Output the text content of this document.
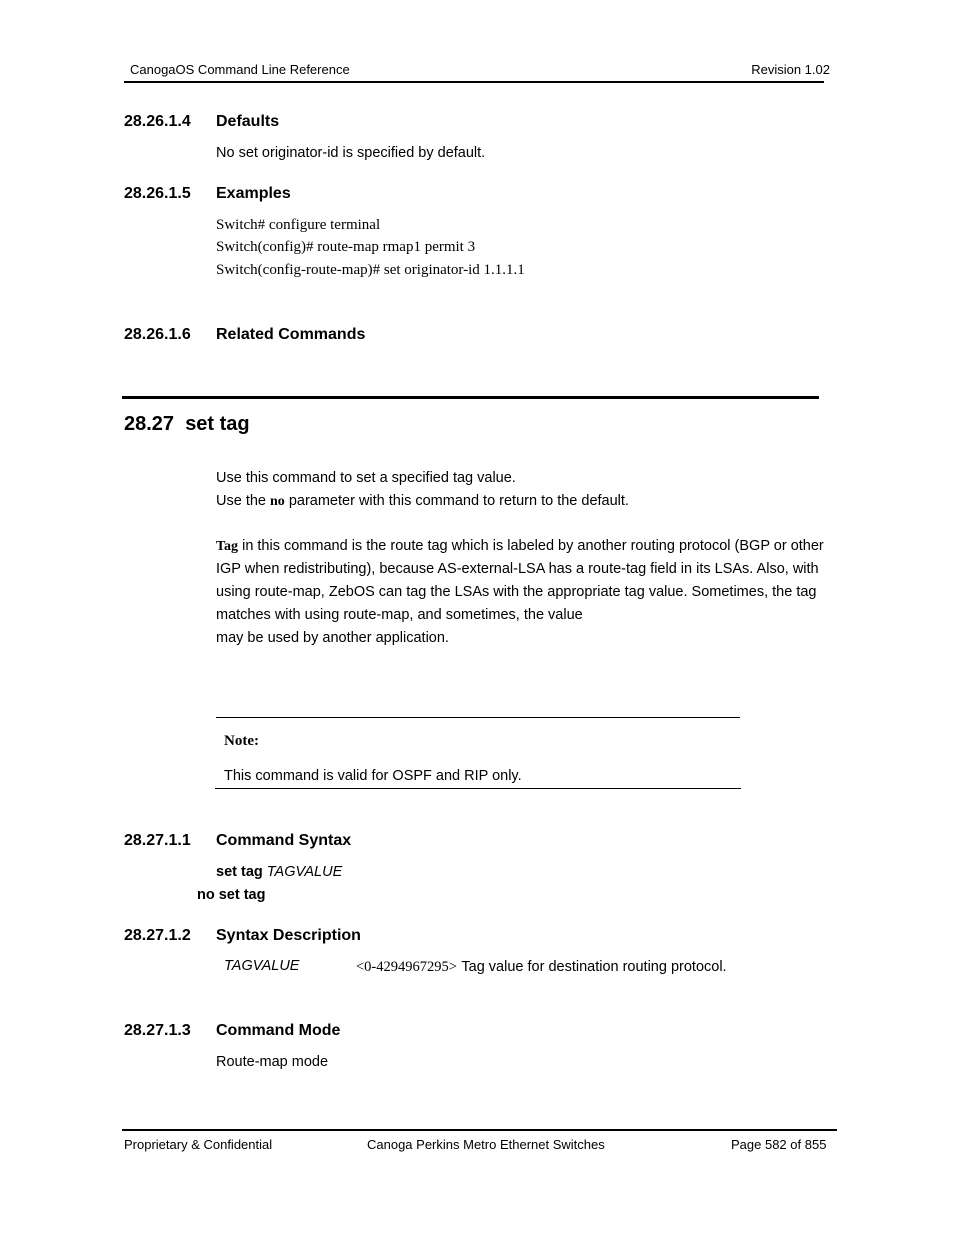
CanogaOS Command Line Reference	Revision 1.02
28.26.1.4 Defaults
No set originator-id is specified by default.
28.26.1.5 Examples
Switch# configure terminal
Switch(config)# route-map rmap1 permit 3
Switch(config-route-map)# set originator-id 1.1.1.1
28.26.1.6 Related Commands
28.27 set tag
Use this command to set a specified tag value.
Use the no parameter with this command to return to the default.
Tag in this command is the route tag which is labeled by another routing protocol (BGP or other
IGP when redistributing), because AS-external-LSA has a route-tag field in its LSAs. Also, with
using route-map, ZebOS can tag the LSAs with the appropriate tag value. Sometimes, the tag
matches with using route-map, and sometimes, the value
may be used by another application.
Note:
This command is valid for OSPF and RIP only.
28.27.1.1 Command Syntax
set tag TAGVALUE
no set tag
28.27.1.2 Syntax Description
TAGVALUE	<0-4294967295> Tag value for destination routing protocol.
28.27.1.3 Command Mode
Route-map mode
Proprietary & Confidential	Canoga Perkins Metro Ethernet Switches	Page 582 of 855
